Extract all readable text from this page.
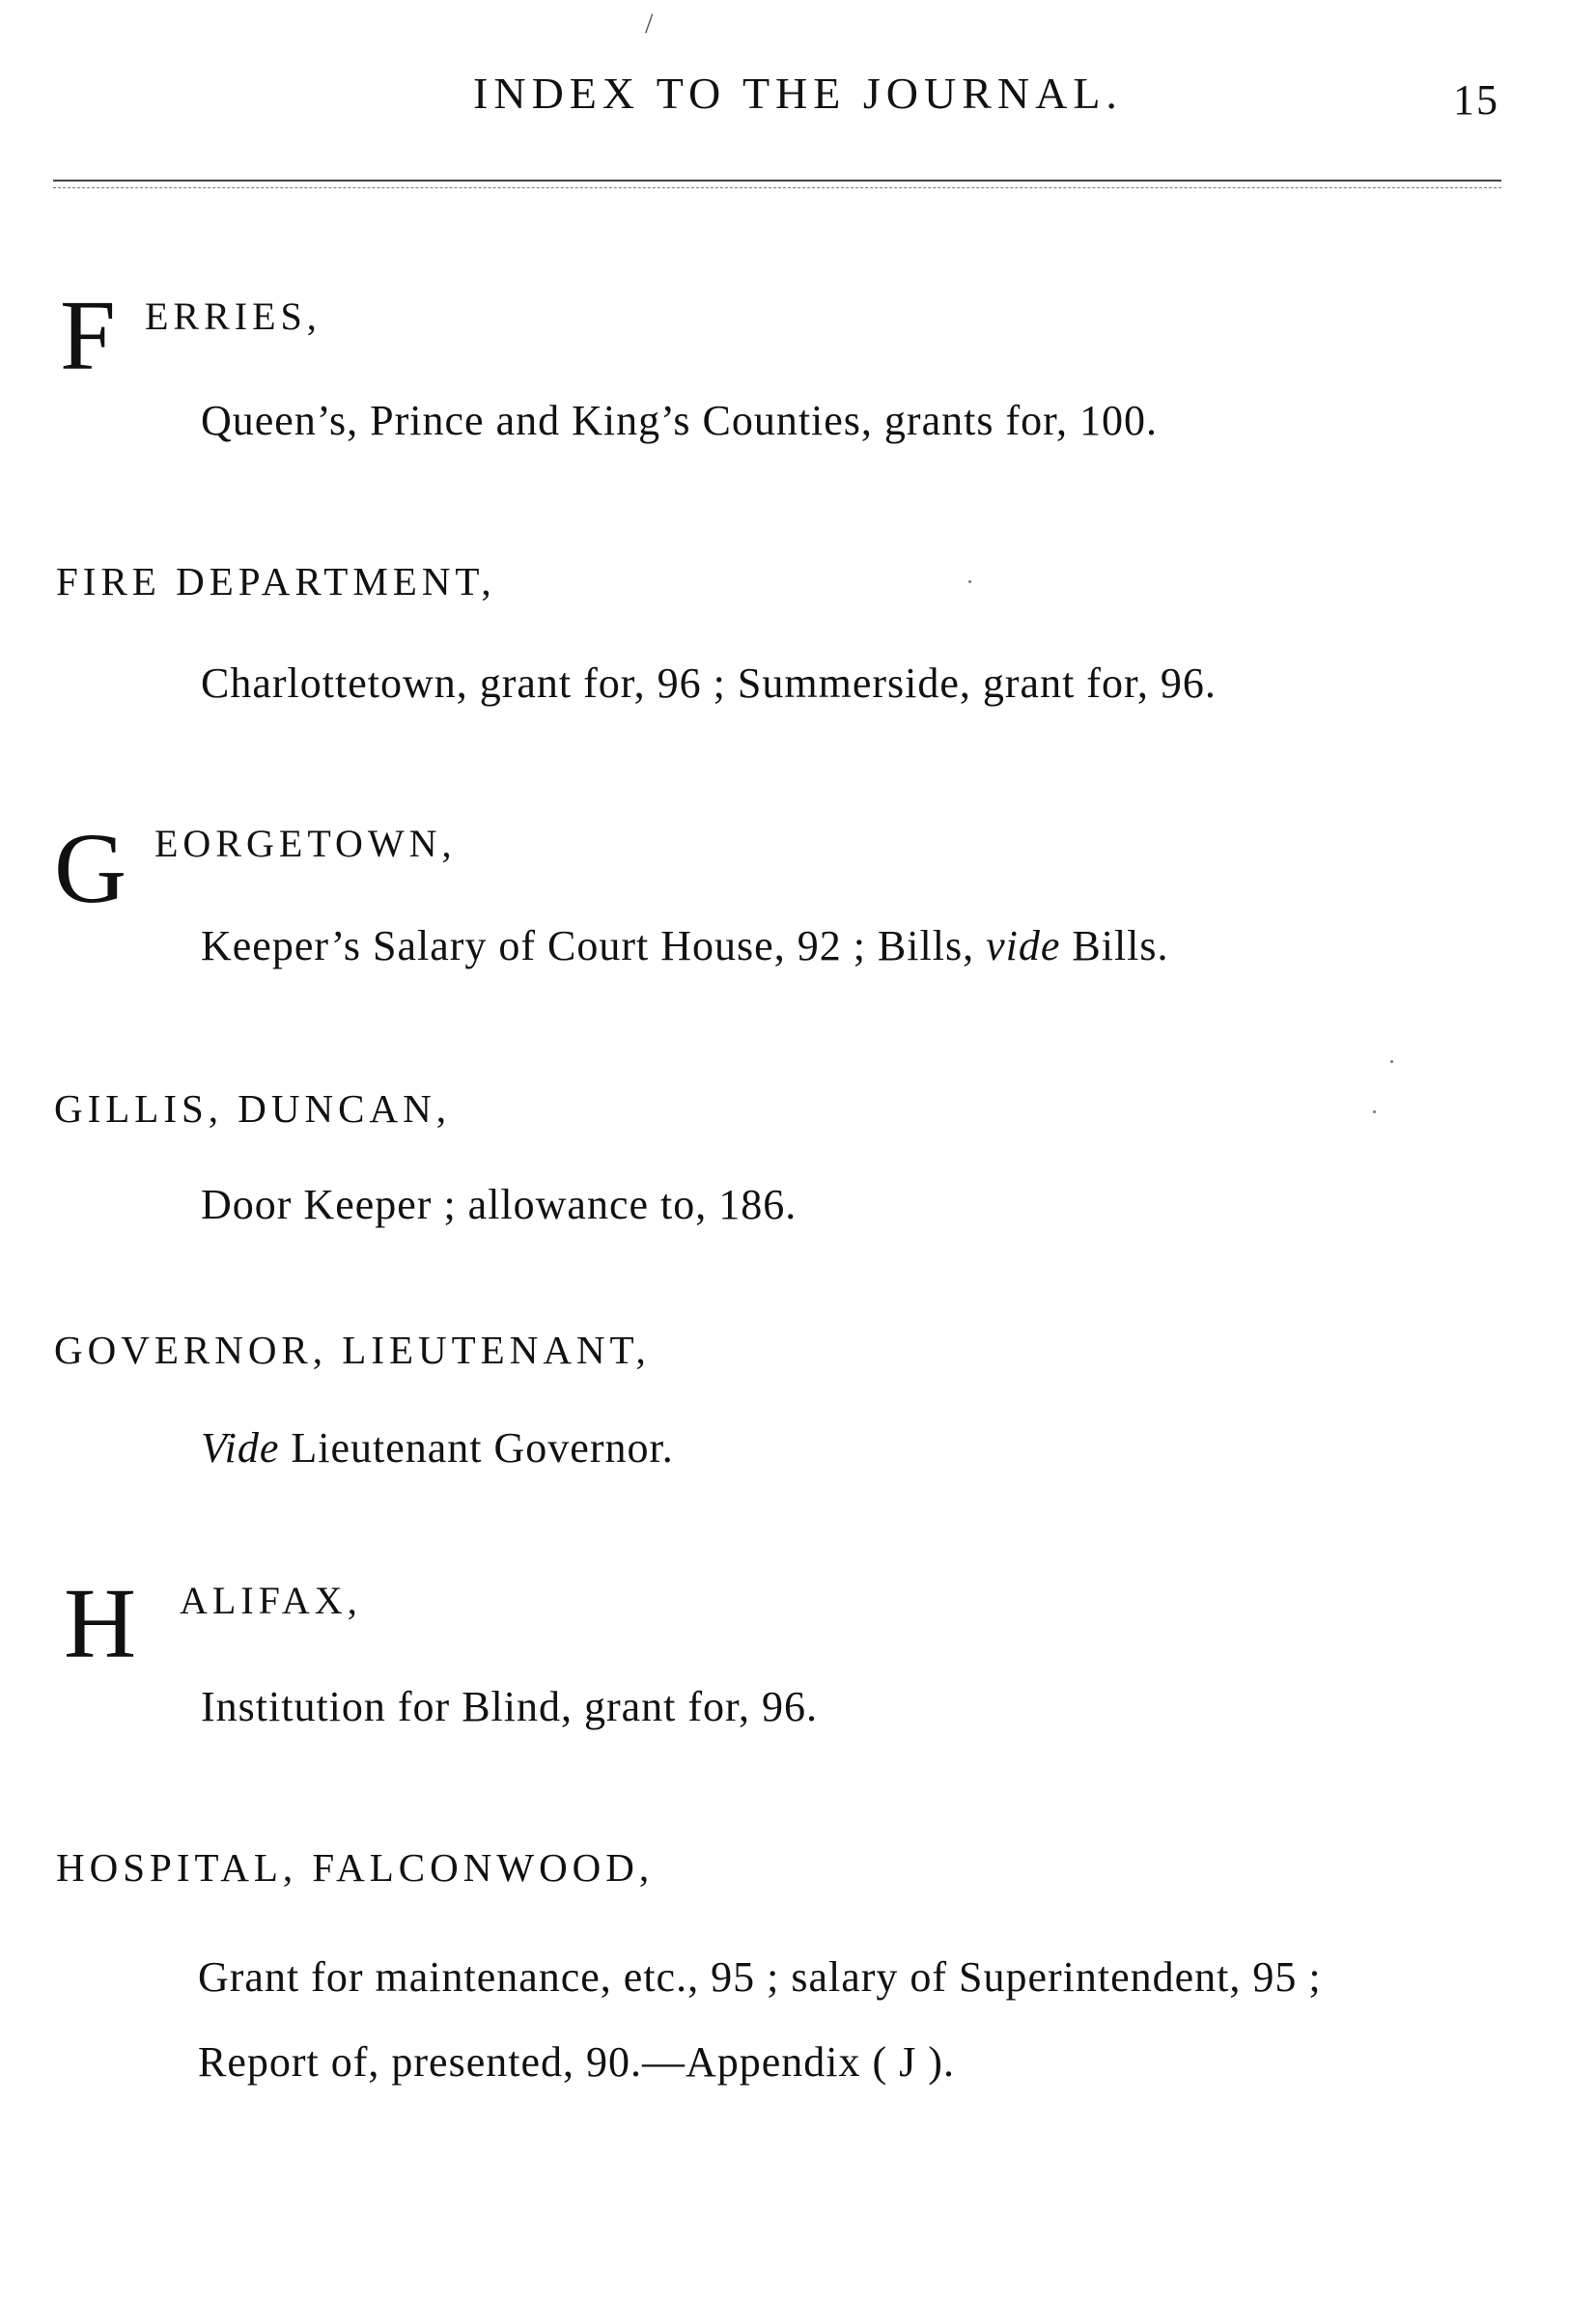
/
INDEX TO THE JOURNAL.	15
F ERRIES,
Queen’s, Prince and King’s Counties, grants for, 100.
FIRE DEPARTMENT,
Charlottetown, grant for, 96 ; Summerside, grant for, 96.
G EORGETOWN,
Keeper’s Salary of Court House, 92 ; Bills, vide Bills.
GILLIS, DUNCAN,
Door Keeper ; allowance to, 186.
GOVERNOR, LIEUTENANT,
Vide Lieutenant Governor.
H ALIFAX,
Institution for Blind, grant for, 96.
HOSPITAL, FALCONWOOD,
Grant for maintenance, etc., 95 ; salary of Superintendent, 95 ;
Report of, presented, 90.—Appendix ( J ).
